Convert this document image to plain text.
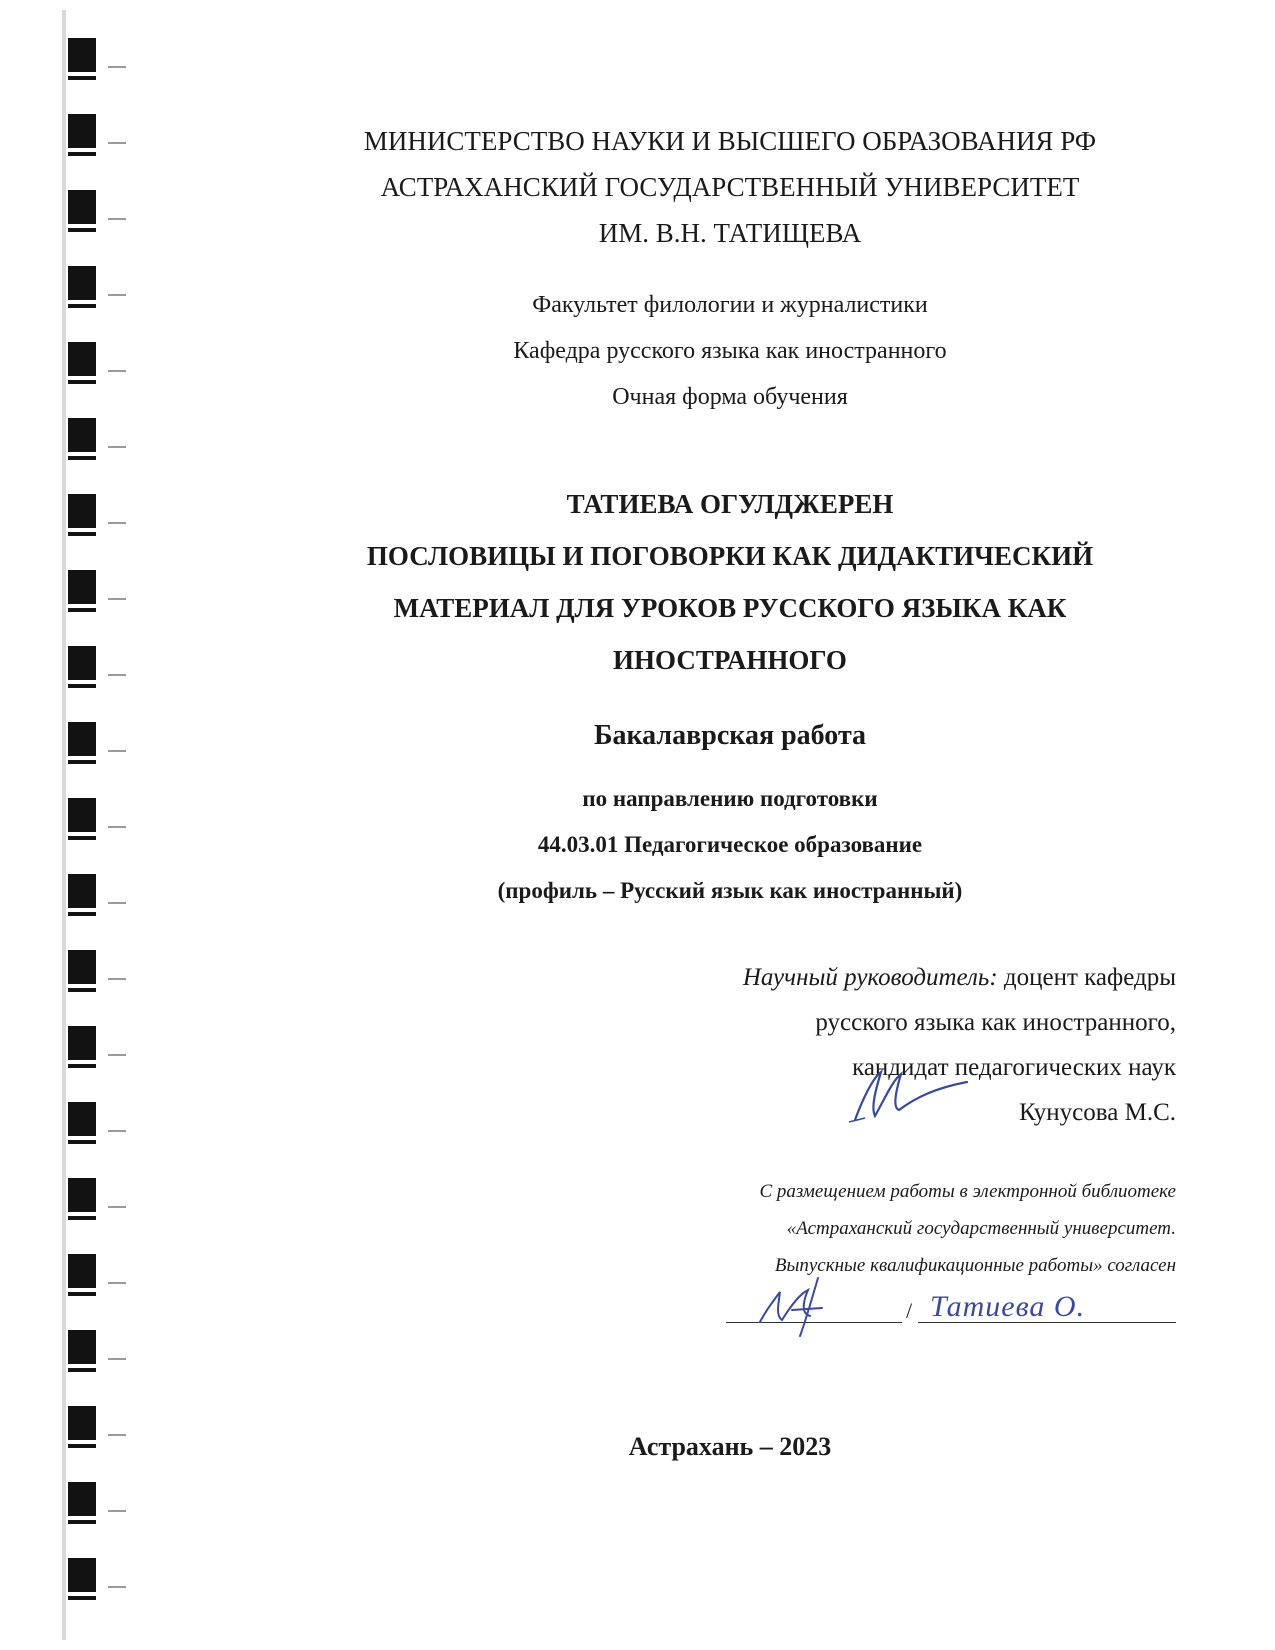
МИНИСТЕРСТВО НАУКИ И ВЫСШЕГО ОБРАЗОВАНИЯ РФ
АСТРАХАНСКИЙ ГОСУДАРСТВЕННЫЙ УНИВЕРСИТЕТ
ИМ. В.Н. ТАТИЩЕВА
Факультет филологии и журналистики
Кафедра русского языка как иностранного
Очная форма обучения
ТАТИЕВА ОГУЛДЖЕРЕН
ПОСЛОВИЦЫ И ПОГОВОРКИ КАК ДИДАКТИЧЕСКИЙ
МАТЕРИАЛ ДЛЯ УРОКОВ РУССКОГО ЯЗЫКА КАК
ИНОСТРАННОГО
Бакалаврская работа
по направлению подготовки
44.03.01 Педагогическое образование
(профиль – Русский язык как иностранный)
Научный руководитель: доцент кафедры
русского языка как иностранного,
кандидат педагогических наук
Кунусова М.С.
С размещением работы в электронной библиотеке
«Астраханский государственный университет.
Выпускные квалификационные работы» согласен
/ Татиева О.
Астрахань – 2023
